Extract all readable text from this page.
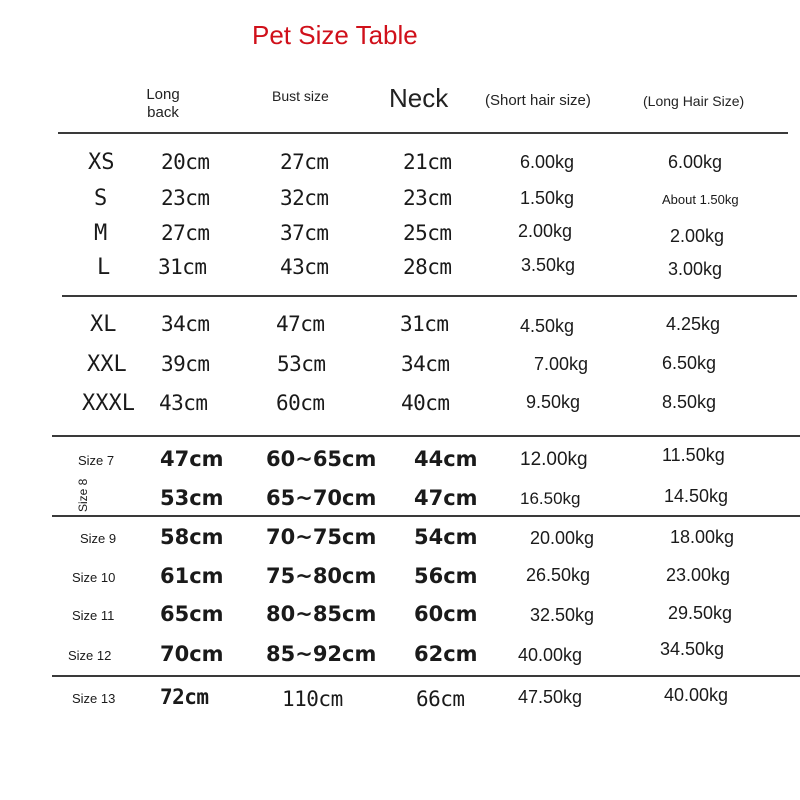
Pet Size Table
Long back
Bust size Neck (Short hair size)	(Long Hair Size)
XS 20cm	27cm	21cm	6.00kg	6.00kg
S	23cm	32cm	23cm	1.50kg	About 1.50kg
M	27cm	37cm	25cm	2.00kg	2.00kg
L 31cm	43cm	28cm	3.50kg	3.00kg
XL 34cm	47cm	31cm	4.50kg	4.25kg
XXL 39cm	53cm	34cm	7.00kg	6.50kg
XXXL 43cm	60cm	40cm	9.50kg	8.50kg
Size 7 47cm 60~65cm 44cm 12.00kg	11.50kg
Size 8	53cm 65~70cm 47cm 16.50kg	14.50kg
Size 9 58cm 70~75cm 54cm	20.00kg	18.00kg
Size 10 61cm 75~80cm 56cm	26.50kg	23.00kg
Size 11 65cm 80~85cm 60cm	32.50kg	29.50kg
Size 12 70cm 85~92cm 62cm 40.00kg	34.50kg
Size 13 72cm	110cm	66cm	47.50kg	40.00kg
